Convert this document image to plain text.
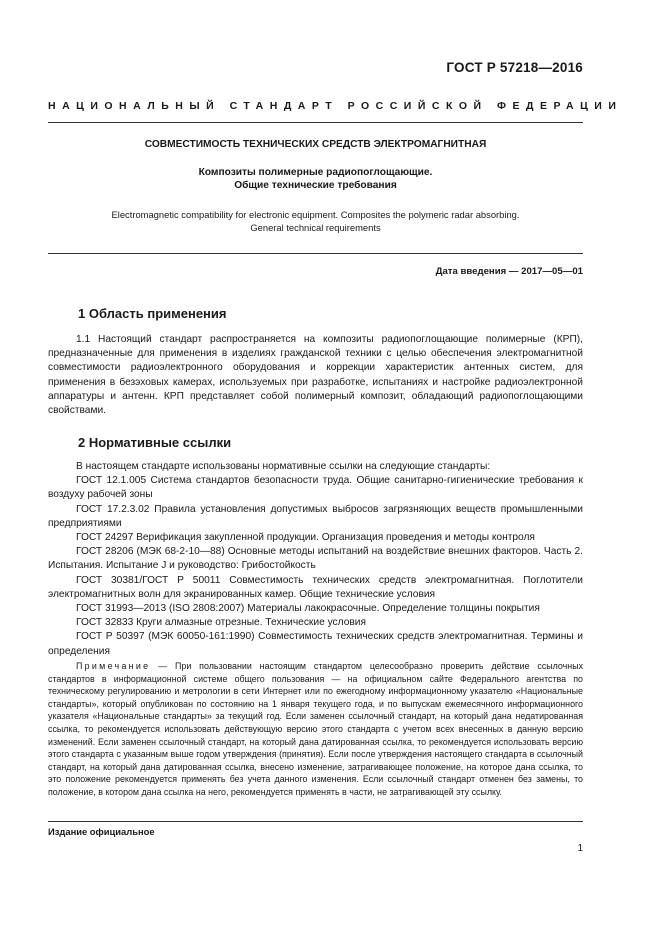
ГОСТ Р 57218—2016
НАЦИОНАЛЬНЫЙ СТАНДАРТ РОССИЙСКОЙ ФЕДЕРАЦИИ
СОВМЕСТИМОСТЬ ТЕХНИЧЕСКИХ СРЕДСТВ ЭЛЕКТРОМАГНИТНАЯ
Композиты полимерные радиопоглощающие.
Общие технические требования
Electromagnetic compatibility for electronic equipment. Composites the polymeric radar absorbing.
General technical requirements
Дата введения — 2017—05—01
1 Область применения

1.1 Настоящий стандарт распространяется на композиты радиопоглощающие полимерные (КРП), предназначенные для применения в изделиях гражданской техники с целью обеспечения электромагнитной совместимости радиоэлектронного оборудования и коррекции характеристик антенных систем, для применения в безэховых камерах, используемых при разработке, испытаниях и настройке радиоэлектронной аппаратуры и антенн. КРП представляет собой полимерный композит, обладающий радиопоглощающими свойствами.

2 Нормативные ссылки

В настоящем стандарте использованы нормативные ссылки на следующие стандарты:

ГОСТ 12.1.005 Система стандартов безопасности труда. Общие санитарно-гигиенические требования к воздуху рабочей зоны

ГОСТ 17.2.3.02 Правила установления допустимых выбросов загрязняющих веществ промышленными предприятиями

ГОСТ 24297 Верификация закупленной продукции. Организация проведения и методы контроля

ГОСТ 28206 (МЭК 68-2-10—88) Основные методы испытаний на воздействие внешних факторов. Часть 2. Испытания. Испытание J и руководство: Грибостойкость

ГОСТ 30381/ГОСТ Р 50011 Совместимость технических средств электромагнитная. Поглотители электромагнитных волн для экранированных камер. Общие технические условия

ГОСТ 31993—2013 (ISO 2808:2007) Материалы лакокрасочные. Определение толщины покрытия

ГОСТ 32833 Круги алмазные отрезные. Технические условия

ГОСТ Р 50397 (МЭК 60050-161:1990) Совместимость технических средств электромагнитная. Термины и определения

Примечание — При пользовании настоящим стандартом целесообразно проверить действие ссылочных стандартов в информационной системе общего пользования — на официальном сайте Федерального агентства по техническому регулированию и метрологии в сети Интернет или по ежегодному информационному указателю «Национальные стандарты», который опубликован по состоянию на 1 января текущего года, и по выпускам ежемесячного информационного указателя «Национальные стандарты» за текущий год. Если заменен ссылочный стандарт, на который дана недатированная ссылка, то рекомендуется использовать действующую версию этого стандарта с учетом всех внесенных в данную версию изменений. Если заменен ссылочный стандарт, на который дана датированная ссылка, то рекомендуется использовать версию этого стандарта с указанным выше годом утверждения (принятия). Если после утверждения настоящего стандарта в ссылочный стандарт, на который дана датированная ссылка, внесено изменение, затрагивающее положение, на которое дана ссылка, то это положение рекомендуется применять без учета данного изменения. Если ссылочный стандарт отменен без замены, то положение, в котором дана ссылка на него, рекомендуется применять в части, не затрагивающей эту ссылку.
Издание официальное
1
